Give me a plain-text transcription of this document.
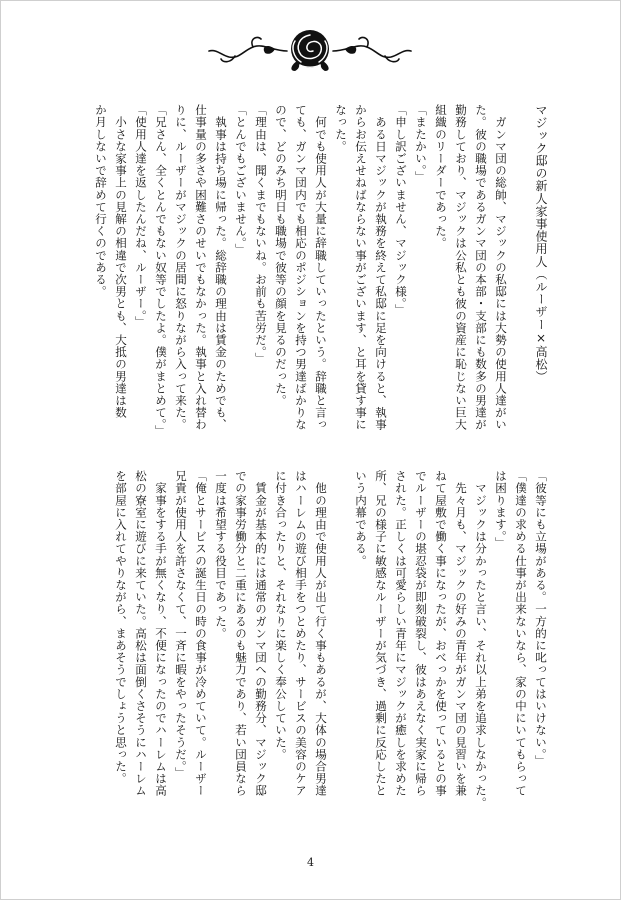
マジック邸の新人家事使用人（ルーザー×高松）

　ガンマ団の総帥、マジックの私邸には大勢の使用人達がい

た。彼の職場であるガンマ団の本部・支部にも数多の男達が

勤務しており、マジックは公私とも彼の資産に恥じない巨大

組織のリーダーであった。

「またかい。」

「申し訳ございません、マジック様。」

　ある日マジックが執務を終えて私邸に足を向けると、執事

からお伝えせねばならない事がございます、と耳を貸す事に

なった。

　何でも使用人が大量に辞職していったという。辞職と言っ

ても、ガンマ団内でも相応のポジションを持つ男達ばかりな

ので、どのみち明日も職場で彼等の顔を見るのだった。

「理由は、聞くまでもないね。お前も苦労だ。」

「とんでもございません。」

　執事は持ち場に帰った。総辞職の理由は賃金のためでも、

仕事量の多さや困難さのせいでもなかった。執事と入れ替わ

りに、ルーザーがマジックの居間に怒りながら入って来た。

「兄さん、全くとんでもない奴等でしたよ。僕がまとめて。」

「使用人達を返したんだね、ルーザー。」

　小さな家事上の見解の相違で次男とも、大抵の男達は数

か月しないで辞めて行くのである。

「彼等にも立場がある。一方的に叱ってはいけない。」

「僕達の求める仕事が出来ないなら、家の中にいてもらって

は困ります。」

　マジックは分かったと言い、それ以上弟を追求しなかった。

　先々月も、マジックの好みの青年がガンマ団の見習いを兼

ねて屋敷で働く事になったが、おべっかを使っているとの事

でルーザーの堪忍袋が即刻破裂し、彼はあえなく実家に帰ら

された。正しくは可愛らしい青年にマジックが癒しを求めた

所、兄の様子に敏感なルーザーが気づき、過剰に反応したと

いう内幕である。

　他の理由で使用人が出て行く事もあるが、大体の場合男達

はハーレムの遊び相手をつとめたり、サービスの美容のケア

に付き合ったりと、それなりに楽しく奉公していた。

　賃金が基本的には通常のガンマ団への勤務分、マジック邸

での家事労働分と二重にあるのも魅力であり、若い団員なら

一度は希望する役目であった。

「俺とサービスの誕生日の時の食事が冷めていて。ルーザー

兄貴が使用人を許さなくて、一斉に暇をやったそうだ。」

　家事をする手が無くなり、不便になったのでハーレムは高

松の寮室に遊びに来ていた。高松は面倒くさそうにハーレム

を部屋に入れてやりながら、まあそうでしょうと思った。

4
